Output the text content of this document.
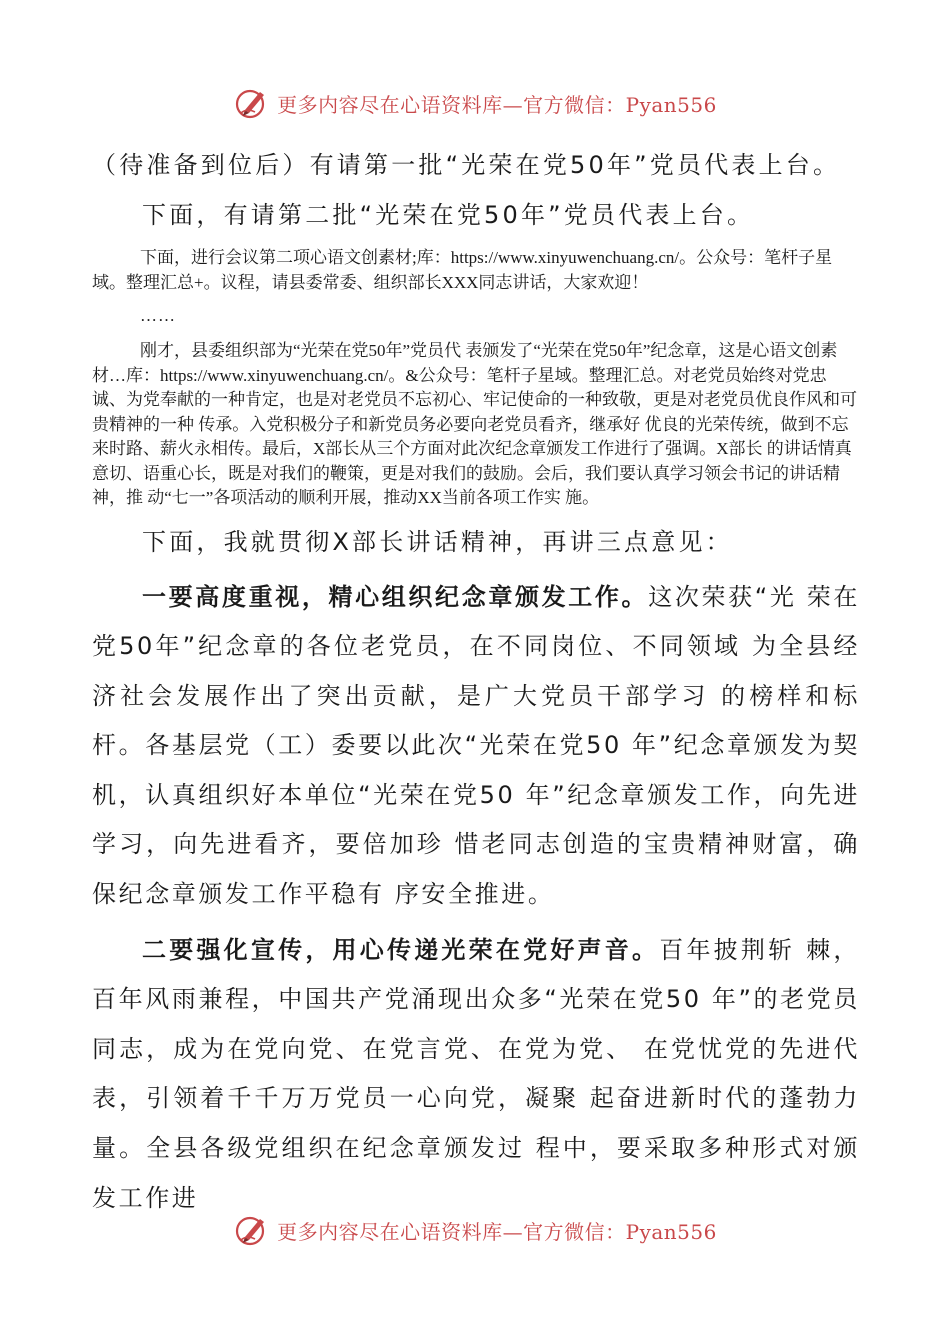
更多内容尽在心语资料库—官方微信：Pyan556

（待准备到位后）有请第一批“光荣在党50年”党员代表上台。

下面，有请第二批“光荣在党50年”党员代表上台。

下面，进行会议第二项心语文创素材;库：https://www.xinyuwenchuang.cn/。公众号：笔杆子星域。整理汇总+。议程，请县委常委、组织部长XXX同志讲话，大家欢迎！

……

刚才，县委组织部为“光荣在党50年”党员代 表颁发了“光荣在党50年”纪念章，这是心语文创素材…库：https://www.xinyuwenchuang.cn/。&公众号：笔杆子星域。整理汇总。对老党员始终对党忠诚、为党奉献的一种肯定，也是对老党员不忘初心、牢记使命的一种致敬，更是对老党员优良作风和可贵精神的一种 传承。入党积极分子和新党员务必要向老党员看齐，继承好 优良的光荣传统，做到不忘来时路、薪火永相传。最后，X部长从三个方面对此次纪念章颁发工作进行了强调。X部长 的讲话情真意切、语重心长，既是对我们的鞭策，更是对我们的鼓励。会后，我们要认真学习领会书记的讲话精神，推 动“七一”各项活动的顺利开展，推动XX当前各项工作实 施。

下面，我就贯彻X部长讲话精神，再讲三点意见：

一要高度重视，精心组织纪念章颁发工作。这次荣获“光 荣在党50年”纪念章的各位老党员，在不同岗位、不同领域 为全县经济社会发展作出了突出贡献，是广大党员干部学习 的榜样和标杆。各基层党（工）委要以此次“光荣在党50 年”纪念章颁发为契机，认真组织好本单位“光荣在党50 年”纪念章颁发工作，向先进学习，向先进看齐，要倍加珍 惜老同志创造的宝贵精神财富，确保纪念章颁发工作平稳有 序安全推进。

二要强化宣传，用心传递光荣在党好声音。百年披荆斩 棘，百年风雨兼程，中国共产党涌现出众多“光荣在党50 年”的老党员同志，成为在党向党、在党言党、在党为党、 在党忧党的先进代表，引领着千千万万党员一心向党，凝聚 起奋进新时代的蓬勃力量。全县各级党组织在纪念章颁发过 程中，要采取多种形式对颁发工作进

更多内容尽在心语资料库—官方微信：Pyan556
